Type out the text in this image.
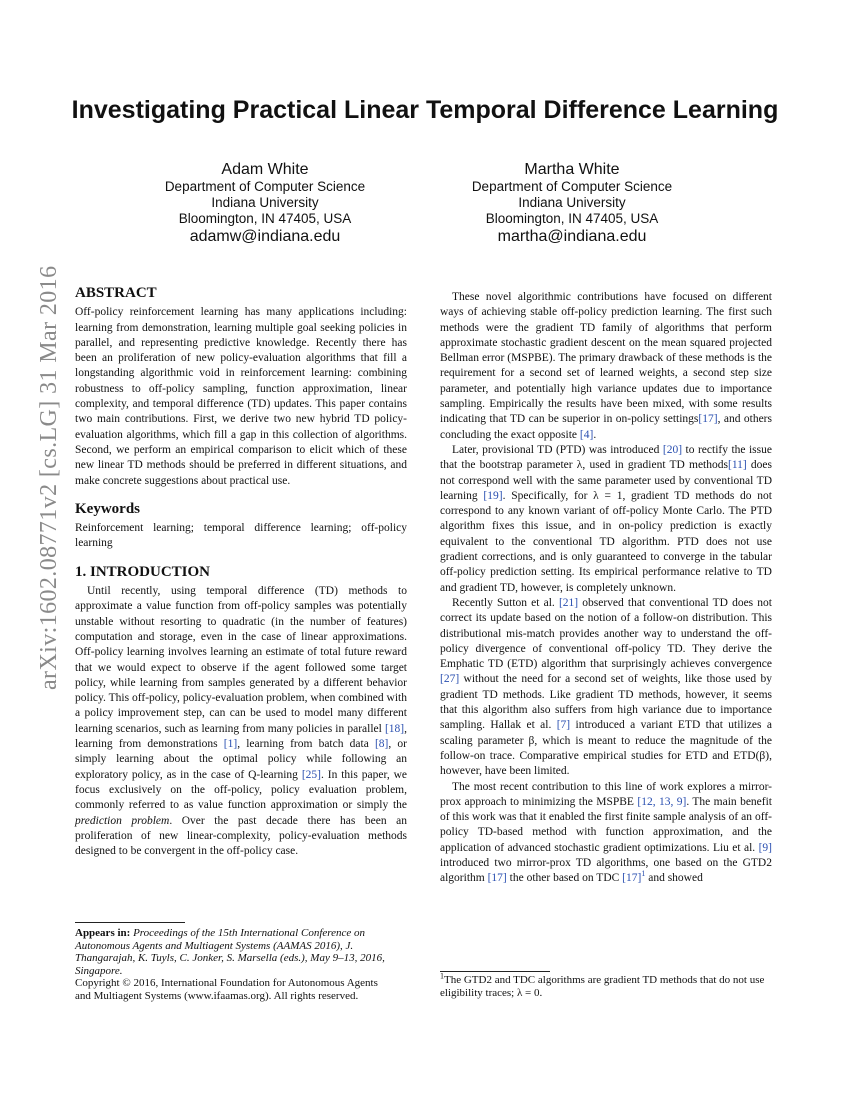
arXiv:1602.08771v2 [cs.LG] 31 Mar 2016
Investigating Practical Linear Temporal Difference Learning
Adam White
Department of Computer Science
Indiana University
Bloomington, IN 47405, USA
adamw@indiana.edu
Martha White
Department of Computer Science
Indiana University
Bloomington, IN 47405, USA
martha@indiana.edu
ABSTRACT

Off-policy reinforcement learning has many applications including: learning from demonstration, learning multiple goal seeking policies in parallel, and representing predictive knowledge. Recently there has been an proliferation of new policy-evaluation algorithms that fill a longstanding algorithmic void in reinforcement learning: combining robustness to off-policy sampling, function approximation, linear complexity, and temporal difference (TD) updates. This paper contains two main contributions. First, we derive two new hybrid TD policy-evaluation algorithms, which fill a gap in this collection of algorithms. Second, we perform an empirical comparison to elicit which of these new linear TD methods should be preferred in different situations, and make concrete suggestions about practical use.

Keywords

Reinforcement learning; temporal difference learning; off-policy learning

1. INTRODUCTION

Until recently, using temporal difference (TD) methods to approximate a value function from off-policy samples was potentially unstable without resorting to quadratic (in the number of features) computation and storage, even in the case of linear approximations. Off-policy learning involves learning an estimate of total future reward that we would expect to observe if the agent followed some target policy, while learning from samples generated by a different behavior policy. This off-policy, policy-evaluation problem, when combined with a policy improvement step, can can be used to model many different learning scenarios, such as learning from many policies in parallel [18], learning from demonstrations [1], learning from batch data [8], or simply learning about the optimal policy while following an exploratory policy, as in the case of Q-learning [25]. In this paper, we focus exclusively on the off-policy, policy evaluation problem, commonly referred to as value function approximation or simply the prediction problem. Over the past decade there has been an proliferation of new linear-complexity, policy-evaluation methods designed to be convergent in the off-policy case.

Appears in: Proceedings of the 15th International Conference on Autonomous Agents and Multiagent Systems (AAMAS 2016), J. Thangarajah, K. Tuyls, C. Jonker, S. Marsella (eds.), May 9–13, 2016, Singapore.
Copyright © 2016, International Foundation for Autonomous Agents and Multiagent Systems (www.ifaamas.org). All rights reserved.

These novel algorithmic contributions have focused on different ways of achieving stable off-policy prediction learning. The first such methods were the gradient TD family of algorithms that perform approximate stochastic gradient descent on the mean squared projected Bellman error (MSPBE). The primary drawback of these methods is the requirement for a second set of learned weights, a second step size parameter, and potentially high variance updates due to importance sampling. Empirically the results have been mixed, with some results indicating that TD can be superior in on-policy settings[17], and others concluding the exact opposite [4].

Later, provisional TD (PTD) was introduced [20] to rectify the issue that the bootstrap parameter λ, used in gradient TD methods[11] does not correspond well with the same parameter used by conventional TD learning [19]. Specifically, for λ = 1, gradient TD methods do not correspond to any known variant of off-policy Monte Carlo. The PTD algorithm fixes this issue, and in on-policy prediction is exactly equivalent to the conventional TD algorithm. PTD does not use gradient corrections, and is only guaranteed to converge in the tabular off-policy prediction setting. Its empirical performance relative to TD and gradient TD, however, is completely unknown.

Recently Sutton et al. [21] observed that conventional TD does not correct its update based on the notion of a follow-on distribution. This distributional mis-match provides another way to understand the off-policy divergence of conventional off-policy TD. They derive the Emphatic TD (ETD) algorithm that surprisingly achieves convergence [27] without the need for a second set of weights, like those used by gradient TD methods. Like gradient TD methods, however, it seems that this algorithm also suffers from high variance due to importance sampling. Hallak et al. [7] introduced a variant ETD that utilizes a scaling parameter β, which is meant to reduce the magnitude of the follow-on trace. Comparative empirical studies for ETD and ETD(β), however, have been limited.

The most recent contribution to this line of work explores a mirror-prox approach to minimizing the MSPBE [12, 13, 9]. The main benefit of this work was that it enabled the first finite sample analysis of an off-policy TD-based method with function approximation, and the application of advanced stochastic gradient optimizations. Liu et al. [9] introduced two mirror-prox TD algorithms, one based on the GTD2 algorithm [17] the other based on TDC [17]$^1$ and showed

$^1$The GTD2 and TDC algorithms are gradient TD methods that do not use eligibility traces; λ = 0.
